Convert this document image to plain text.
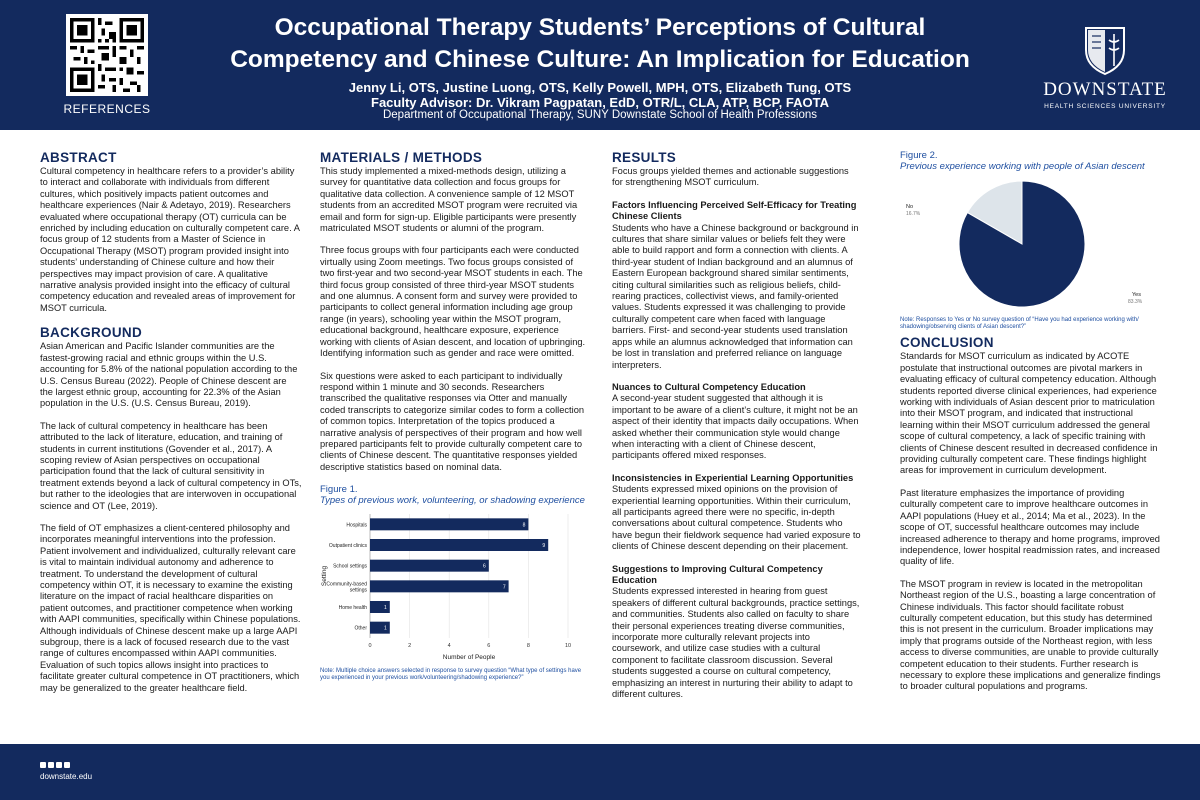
REFERENCES
Occupational Therapy Students’ Perceptions of Cultural
Competency and Chinese Culture: An Implication for Education
Jenny Li, OTS, Justine Luong, OTS, Kelly Powell, MPH, OTS, Elizabeth Tung, OTS
Faculty Advisor: Dr. Vikram Pagpatan, EdD, OTR/L, CLA, ATP, BCP, FAOTA
Department of Occupational Therapy, SUNY Downstate School of Health Professions
DOWNSTATE
HEALTH SCIENCES UNIVERSITY
ABSTRACT

Cultural competency in healthcare refers to a provider’s ability to interact and collaborate with individuals from different cultures, which positively impacts patient outcomes and healthcare experiences (Nair & Adetayo, 2019). Researchers evaluated where occupational therapy (OT) curricula can be enriched by including education on culturally competent care. A focus group of 12 students from a Master of Science in Occupational Therapy (MSOT) program provided insight into students’ understanding of Chinese culture and how their perspectives may impact provision of care. A qualitative narrative analysis provided insight into the efficacy of cultural competency education and revealed areas of improvement for MSOT curricula.

BACKGROUND

Asian American and Pacific Islander communities are the fastest-growing racial and ethnic groups within the U.S. accounting for 5.8% of the national population according to the U.S. Census Bureau (2022). People of Chinese descent are the largest ethnic group, accounting for 22.3% of the Asian population in the U.S. (U.S. Census Bureau, 2019).

The lack of cultural competency in healthcare has been attributed to the lack of literature, education, and training of students in current institutions (Govender et al., 2017). A scoping review of Asian perspectives on occupational participation found that the lack of cultural sensitivity in treatment extends beyond a lack of cultural competency in OTs, but rather to the ideologies that are interwoven in occupational science and OT (Lee, 2019).

The field of OT emphasizes a client-centered philosophy and incorporates meaningful interventions into the profession. Patient involvement and individualized, culturally relevant care is vital to maintain individual autonomy and adherence to treatment. To understand the development of cultural competency within OT, it is necessary to examine the existing literature on the impact of racial healthcare disparities on patient outcomes, and practitioner competence when working with AAPI communities, specifically within Chinese populations. Although individuals of Chinese descent make up a large AAPI subgroup, there is a lack of focused research due to the vast range of cultures encompassed within AAPI communities. Evaluation of such topics allows insight into practices to facilitate greater cultural competence in OT practitioners, which may be generalized to the greater healthcare field.

MATERIALS / METHODS

This study implemented a mixed-methods design, utilizing a survey for quantitative data collection and focus groups for qualitative data collection. A convenience sample of 12 MSOT students from an accredited MSOT program were recruited via email and form for sign-up. Eligible participants were presently matriculated MSOT students or alumni of the program.

Three focus groups with four participants each were conducted virtually using Zoom meetings. Two focus groups consisted of two first-year and two second-year MSOT students in each. The third focus group consisted of three third-year MSOT students and one alumnus. A consent form and survey were provided to participants to collect general information including age group range (in years), schooling year within the MSOT program, educational background, healthcare exposure, experience working with clients of Asian descent, and location of upbringing. Identifying information such as gender and race were omitted.

Six questions were asked to each participant to individually respond within 1 minute and 30 seconds. Researchers transcribed the qualitative responses via Otter and manually coded transcripts to categorize similar codes to form a collection of common topics. Interpretation of the topics produced a narrative analysis of perspectives of their program and how well prepared participants felt to provide culturally competent care to clients of Chinese descent. The quantitative responses yielded descriptive statistics based on nominal data.

Figure 1.
Types of previous work, volunteering, or shadowing experience
0	2	4	6	8	10
Hospitals	8
Outpatient clinics	9
School settings	6
Community-based
settings	7
Home health	1
Other	1
Number of People
Setting
Note: Multiple choice answers selected in response to survey question “What type of settings have you experienced in your previous work/volunteering/shadowing experience?”
RESULTS

Focus groups yielded themes and actionable suggestions for strengthening MSOT curriculum.

Factors Influencing Perceived Self-Efficacy for Treating Chinese Clients

Students who have a Chinese background or background in cultures that share similar values or beliefs felt they were able to build rapport and form a connection with clients. A third-year student of Indian background and an alumnus of Eastern European background shared similar sentiments, citing cultural similarities such as religious beliefs, child-rearing practices, collectivist views, and family-oriented values. Students expressed it was challenging to provide culturally competent care when faced with language barriers. First- and second-year students used translation apps while an alumnus acknowledged that information can be lost in translation and preferred reliance on language interpreters.

Nuances to Cultural Competency Education

A second-year student suggested that although it is important to be aware of a client’s culture, it might not be an aspect of their identity that impacts daily occupations. When asked whether their communication style would change when interacting with a client of Chinese descent, participants offered mixed responses.

Inconsistencies in Experiential Learning Opportunities

Students expressed mixed opinions on the provision of experiential learning opportunities. Within their curriculum, all participants agreed there were no specific, in-depth conversations about cultural competence. Students who have begun their fieldwork sequence had varied exposure to clients of Chinese descent depending on their placement.

Suggestions to Improving Cultural Competency Education

Students expressed interested in hearing from guest speakers of different cultural backgrounds, practice settings, and communities. Students also called on faculty to share their personal experiences treating diverse communities, incorporate more culturally relevant projects into coursework, and utilize case studies with a cultural component to facilitate classroom discussion. Several students suggested a course on cultural competency, emphasizing an interest in nurturing their ability to adapt to different cultures.

Figure 2.
Previous experience working with people of Asian descent
No
16.7%
Yes
83.3%
Note: Responses to Yes or No survey question of “Have you had experience working with/ shadowing/observing clients of Asian descent?”
CONCLUSION

Standards for MSOT curriculum as indicated by ACOTE postulate that instructional outcomes are pivotal markers in evaluating efficacy of cultural competency education. Although students reported diverse clinical experiences, had experience working with individuals of Asian descent prior to matriculation into their MSOT program, and indicated that instructional learning within their MSOT curriculum addressed the general scope of cultural competency, a lack of specific training with clients of Chinese descent resulted in decreased confidence in providing culturally competent care. These findings highlight areas for improvement in curriculum development.

Past literature emphasizes the importance of providing culturally competent care to improve healthcare outcomes in AAPI populations (Huey et al., 2014; Ma et al., 2023). In the scope of OT, successful healthcare outcomes may include increased adherence to therapy and home programs, improved independence, lower hospital readmission rates, and increased quality of life.

The MSOT program in review is located in the metropolitan Northeast region of the U.S., boasting a large concentration of Chinese individuals. This factor should facilitate robust culturally competent education, but this study has determined this is not present in the curriculum. Broader implications may imply that programs outside of the Northeast region, with less access to diverse communities, are unable to provide culturally competent education to their students. Further research is necessary to explore these implications and generalize findings to broader cultural populations and programs.

downstate.edu
